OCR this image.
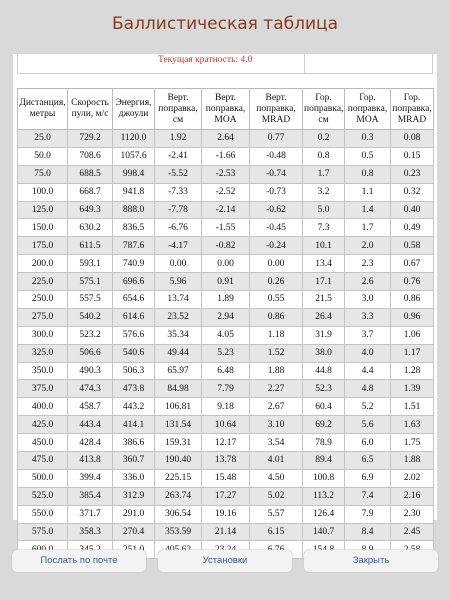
Баллистическая таблица
Текущая кратность: 4.0
Дистанция, метры	Скорость пули, м/с	Энергия, джоули	Верт. поправка, см	Верт. поправка, MOA	Верт. поправка, MRAD	Гор. поправка, см	Гор. поправка, MOA	Гор. поправка, MRAD
25.0	729.2	1120.0	1.92	2.64	0.77	0.2	0.3	0.08
50.0	708.6	1057.6	-2.41	-1.66	-0.48	0.8	0.5	0.15
75.0	688.5	998.4	-5.52	-2.53	-0.74	1.7	0.8	0.23
100.0	668.7	941.8	-7.33	-2.52	-0.73	3.2	1.1	0.32
125.0	649.3	888.0	-7.78	-2.14	-0.62	5.0	1.4	0.40
150.0	630.2	836.5	-6.76	-1.55	-0.45	7.3	1.7	0.49
175.0	611.5	787.6	-4.17	-0.82	-0.24	10.1	2.0	0.58
200.0	593.1	740.9	0.00	0.00	0.00	13.4	2.3	0.67
225.0	575.1	696.6	5.96	0.91	0.26	17.1	2.6	0.76
250.0	557.5	654.6	13.74	1.89	0.55	21.5	3.0	0.86
275.0	540.2	614.6	23.52	2.94	0.86	26.4	3.3	0.96
300.0	523.2	576.6	35.34	4.05	1.18	31.9	3.7	1.06
325.0	506.6	540.6	49.44	5.23	1.52	38.0	4.0	1.17
350.0	490.3	506.3	65.97	6.48	1.88	44.8	4.4	1.28
375.0	474.3	473.8	84.98	7.79	2.27	52.3	4.8	1.39
400.0	458.7	443.2	106.81	9.18	2.67	60.4	5.2	1.51
425.0	443.4	414.1	131.54	10.64	3.10	69.2	5.6	1.63
450.0	428.4	386.6	159.31	12.17	3.54	78.9	6.0	1.75
475.0	413.8	360.7	190.40	13.78	4.01	89.4	6.5	1.88
500.0	399.4	336.0	225.15	15.48	4.50	100.8	6.9	2.02
525.0	385.4	312.9	263.74	17.27	5.02	113.2	7.4	2.16
550.0	371.7	291.0	306.54	19.16	5.57	126.4	7.9	2.30
575.0	358.3	270.4	353.59	21.14	6.15	140.7	8.4	2.45

Послать по почте	Установки	Закрыть
